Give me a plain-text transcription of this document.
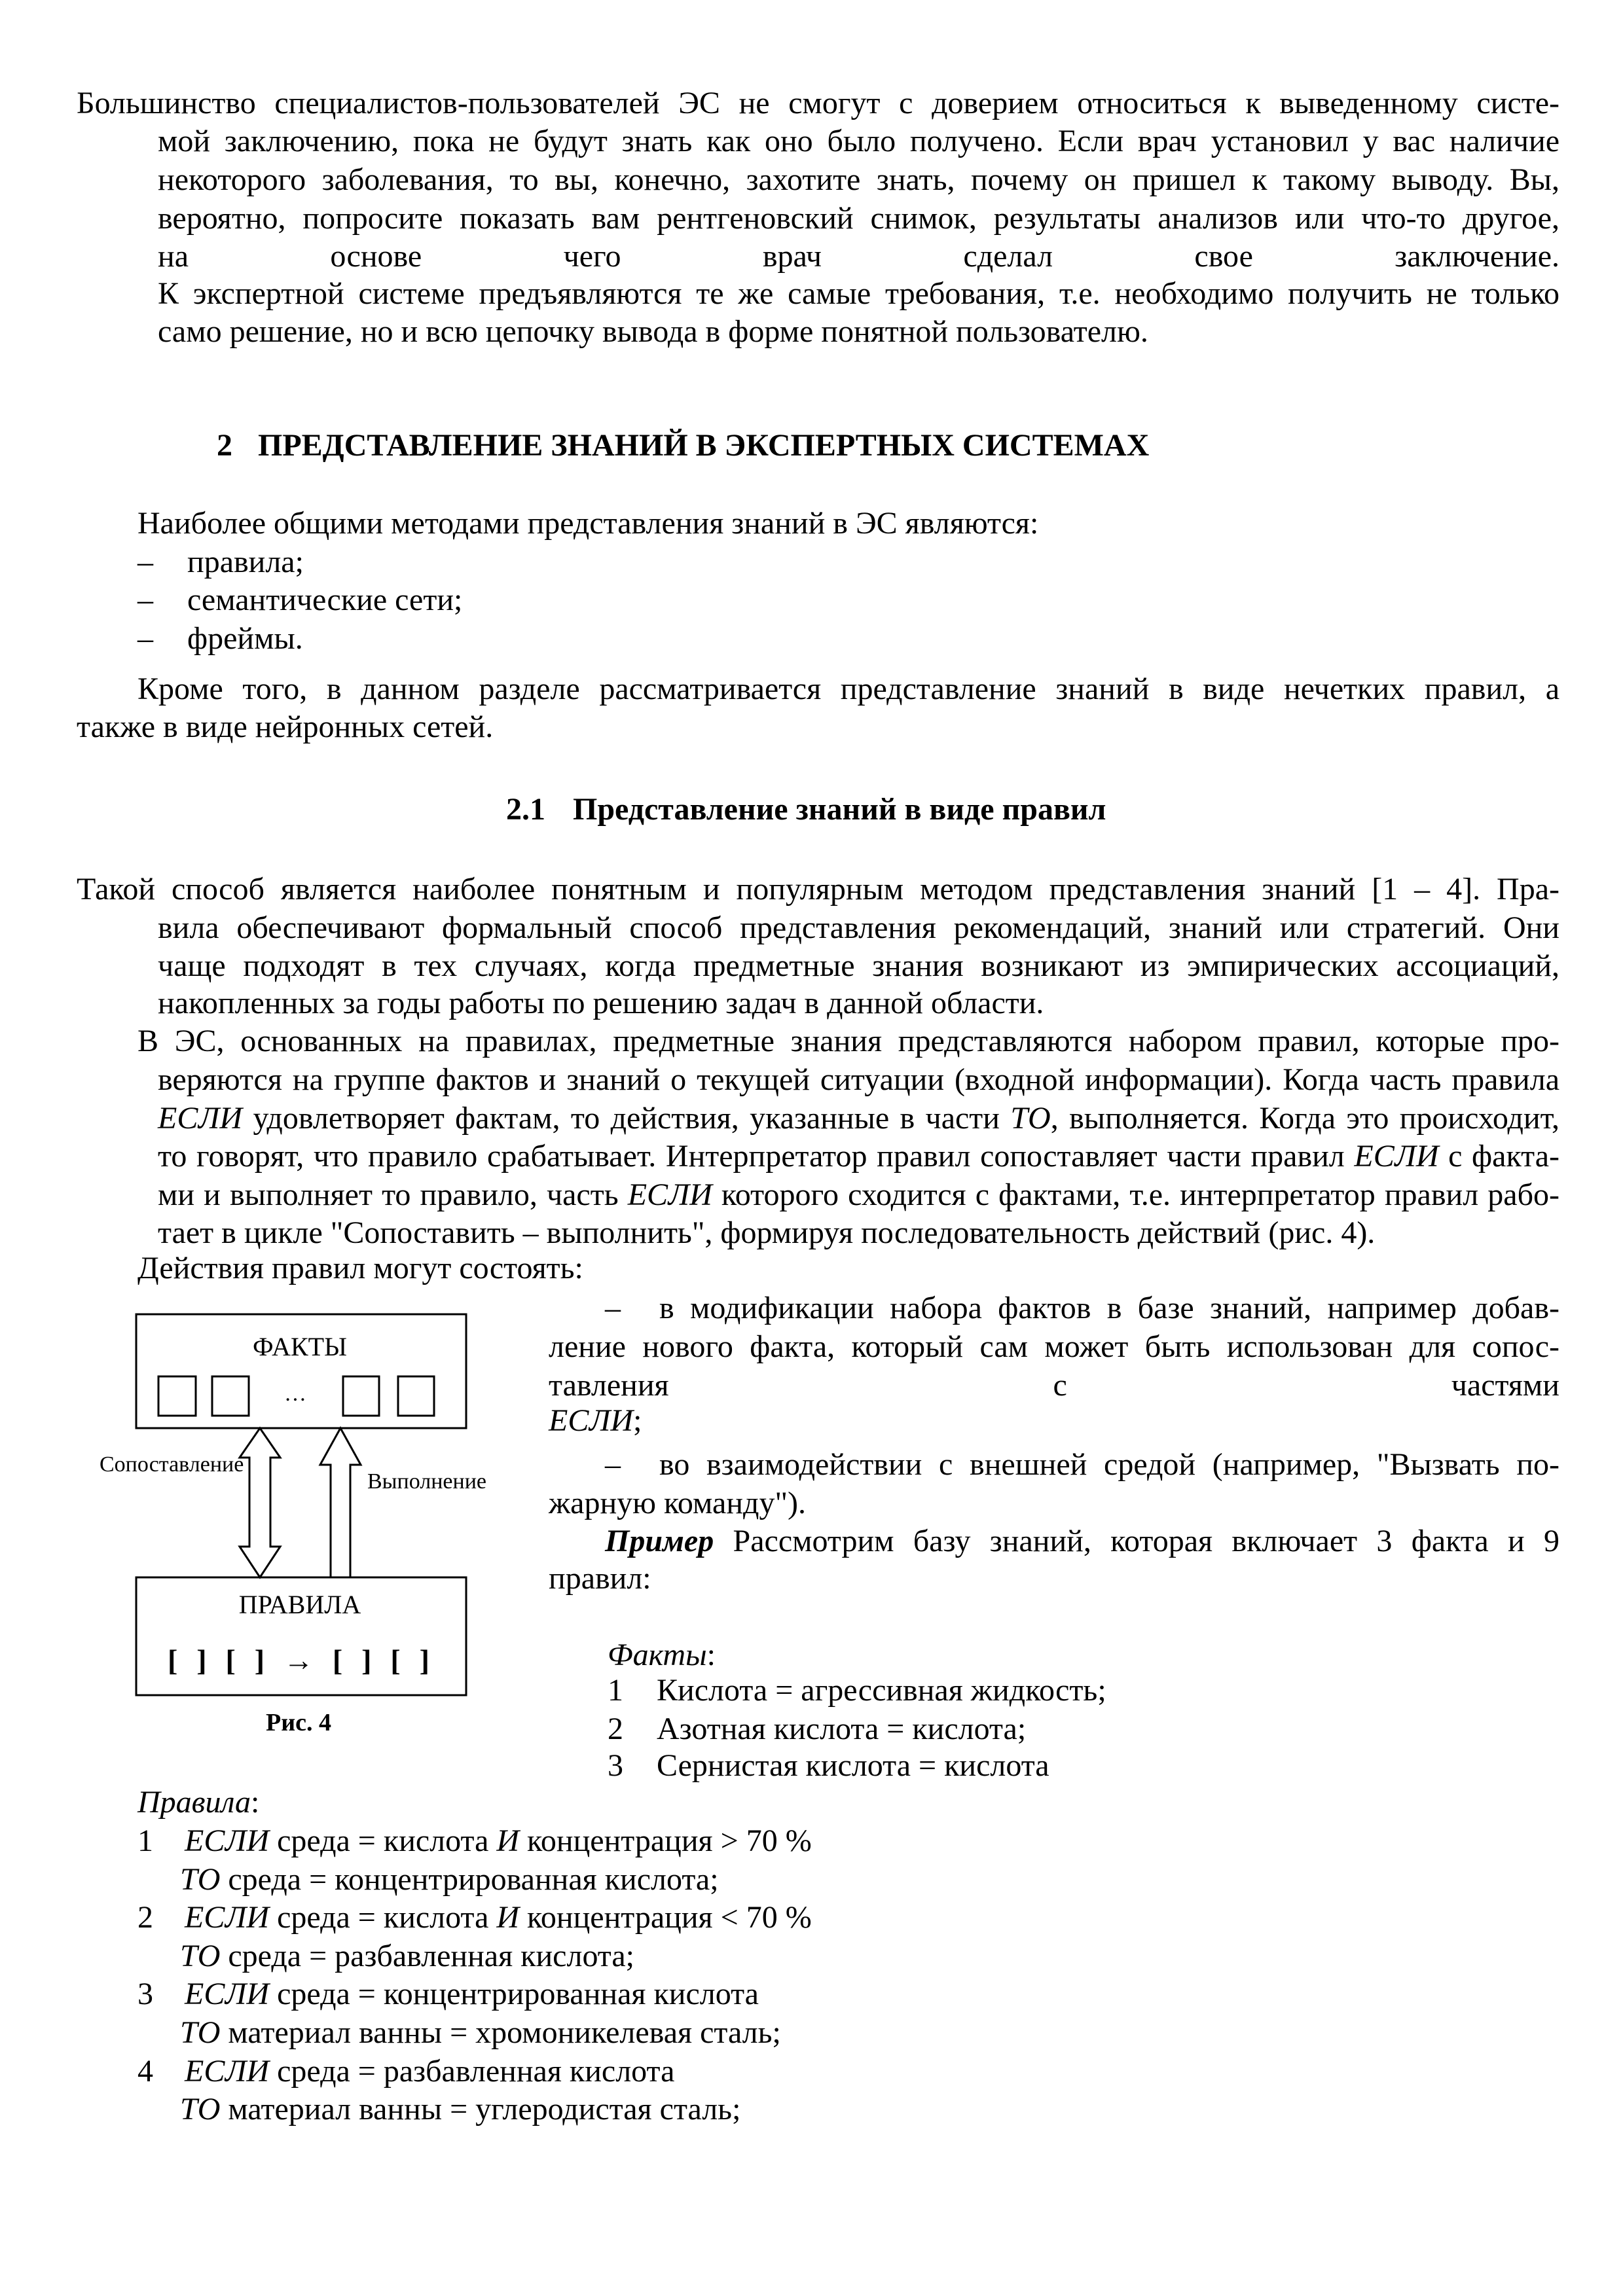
Большинство специалистов-пользователей ЭС не смогут с доверием относиться к выведенному систе-
мой заключению, пока не будут знать как оно было получено. Если врач установил у вас наличие
некоторого заболевания, то вы, конечно, захотите знать, почему он пришел к такому выводу. Вы,
вероятно, попросите показать вам рентгеновский снимок, результаты анализов или что-то другое,
на основе чего врач сделал свое заключение.
К экспертной системе предъявляются те же самые требования, т.е. необходимо получить не только
само решение, но и всю цепочку вывода в форме понятной пользователю.
2 ПРЕДСТАВЛЕНИЕ ЗНАНИЙ В ЭКСПЕРТНЫХ СИСТЕМАХ
Наиболее общими методами представления знаний в ЭС являются:
– правила;
– семантические сети;
– фреймы.
Кроме того, в данном разделе рассматривается представление знаний в виде нечетких правил, а
также в виде нейронных сетей.
2.1 Представление знаний в виде правил
Такой способ является наиболее понятным и популярным методом представления знаний [1 – 4]. Пра-
вила обеспечивают формальный способ представления рекомендаций, знаний или стратегий. Они
чаще подходят в тех случаях, когда предметные знания возникают из эмпирических ассоциаций,
накопленных за годы работы по решению задач в данной области.
В ЭС, основанных на правилах, предметные знания представляются набором правил, которые про-
веряются на группе фактов и знаний о текущей ситуации (входной информации). Когда часть правила
ЕСЛИ удовлетворяет фактам, то действия, указанные в части ТО, выполняется. Когда это происходит,
то говорят, что правило срабатывает. Интерпретатор правил сопоставляет части правил ЕСЛИ с факта-
ми и выполняет то правило, часть ЕСЛИ которого сходится с фактами, т.е. интерпретатор правил рабо-
тает в цикле "Сопоставить – выполнить", формируя последовательность действий (рис. 4).
Действия правил могут состоять:
– в модификации набора фактов в базе знаний, например добав-
ление нового факта, который сам может быть использован для сопос-
тавления с частями
ЕСЛИ;
– во взаимодействии с внешней средой (например, "Вызвать по-
жарную команду").
Пример Рассмотрим базу знаний, которая включает 3 факта и 9
правил:
Факты:
1 Кислота = агрессивная жидкость;
2 Азотная кислота = кислота;
3 Сернистая кислота = кислота
Правила:
1 ЕСЛИ среда = кислота И концентрация > 70 %
ТО среда = концентрированная кислота;
2 ЕСЛИ среда = кислота И концентрация < 70 %
ТО среда = разбавленная кислота;
3 ЕСЛИ среда = концентрированная кислота
ТО материал ванны = хромоникелевая сталь;
4 ЕСЛИ среда = разбавленная кислота
ТО материал ванны = углеродистая сталь;
ФАКТЫ
…
Сопоставление
Выполнение
ПРАВИЛА
[ ] [ ] → [ ] [ ]
Рис. 4
